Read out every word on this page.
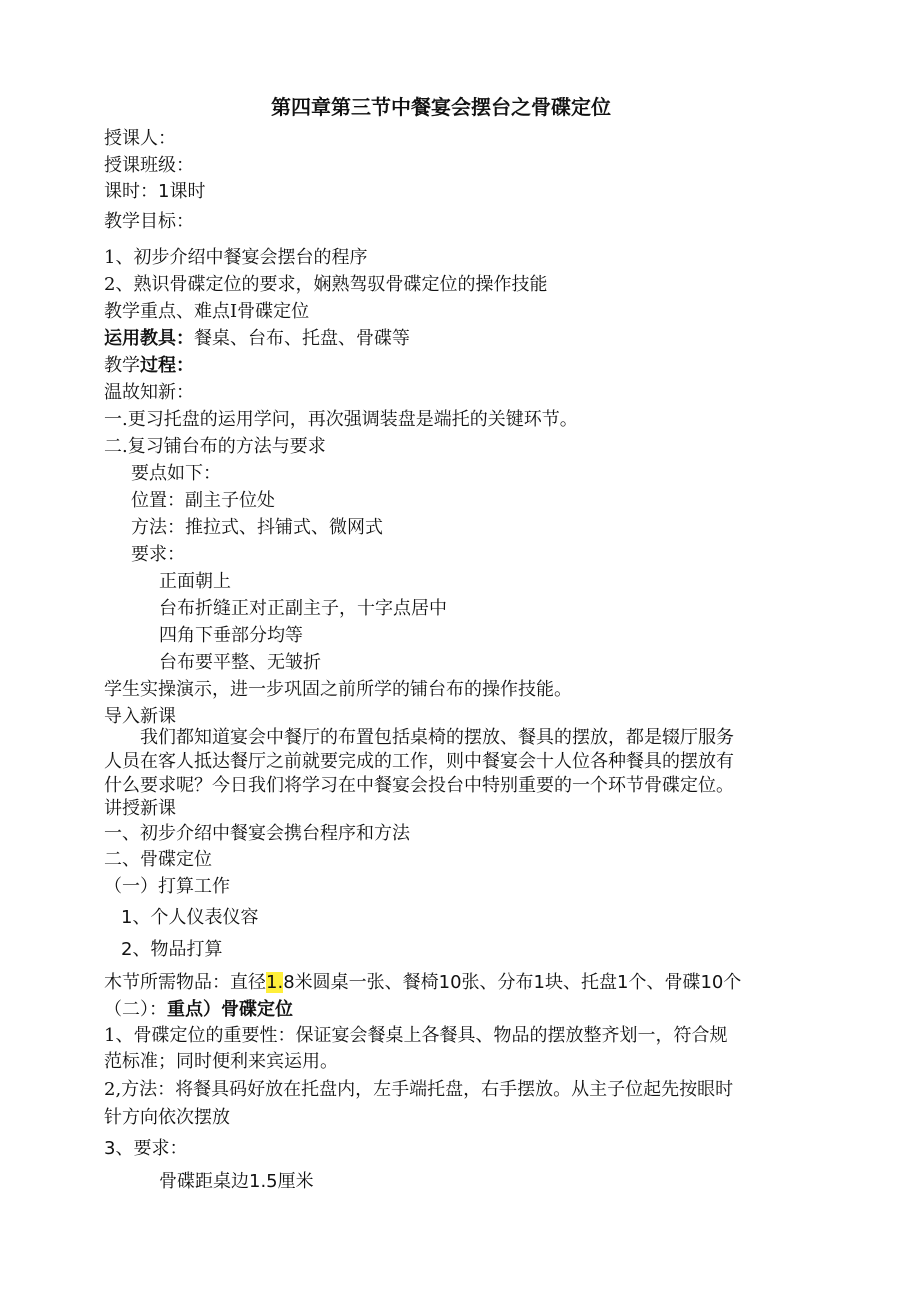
第四章第三节中餐宴会摆台之骨碟定位
授课人：
授课班级：
课时：1课时
教学目标：
1、初步介绍中餐宴会摆台的程序
2、熟识骨碟定位的要求，娴熟驾驭骨碟定位的操作技能
教学重点、难点I骨碟定位
运用教具：餐桌、台布、托盘、骨碟等
教学过程：
温故知新：
一.更习托盘的运用学问，再次强调装盘是端托的关键环节。
二.复习铺台布的方法与要求
要点如下：
位置：副主子位处
方法：推拉式、抖铺式、微网式
要求：
正面朝上
台布折缝正对正副主子，十字点居中
四角下垂部分均等
台布要平整、无皱折
学生实操演示，进一步巩固之前所学的铺台布的操作技能。
导入新课
我们都知道宴会中餐厅的布置包括桌椅的摆放、餐具的摆放，都是辍厅服务
人员在客人抵达餐厅之前就要完成的工作，则中餐宴会十人位各种餐具的摆放有
什么要求呢？今日我们将学习在中餐宴会投台中特别重要的一个环节骨碟定位。
讲授新课
一、初步介绍中餐宴会携台程序和方法
二、骨碟定位
（一）打算工作
1、个人仪表仪容
2、物品打算
木节所需物品：直径1.8米圆桌一张、餐椅10张、分布1块、托盘1个、骨碟10个
（二）：重点）骨碟定位
1、骨碟定位的重要性：保证宴会餐桌上各餐具、物品的摆放整齐划一，符合规
范标准；同时便利来宾运用。
2,方法：将餐具码好放在托盘内，左手端托盘，右手摆放。从主子位起先按眼时
针方向依次摆放
3、要求：
骨碟距桌边1.5厘米
